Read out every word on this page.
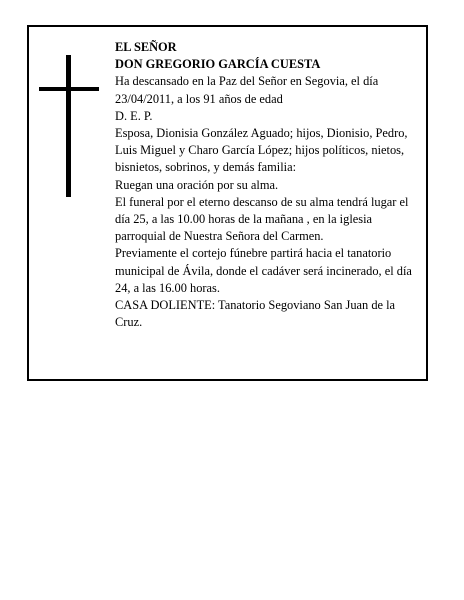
EL SEÑOR

DON GREGORIO GARCÍA CUESTA

Ha descansado en la Paz del Señor en Segovia, el día 23/04/2011, a los 91 años de edad

D. E. P.

Esposa, Dionisia González Aguado; hijos, Dionisio, Pedro, Luis Miguel y Charo García López; hijos políticos, nietos, bisnietos, sobrinos, y demás familia:

Ruegan una oración por su alma.

El funeral por el eterno descanso de su alma tendrá lugar el día 25, a las 10.00 horas de la mañana , en la iglesia parroquial de Nuestra Señora del Carmen.

Previamente el cortejo fúnebre partirá hacia el tanatorio municipal de Ávila, donde el cadáver será incinerado, el día 24, a las 16.00 horas.

CASA DOLIENTE: Tanatorio Segoviano San Juan de la Cruz.
